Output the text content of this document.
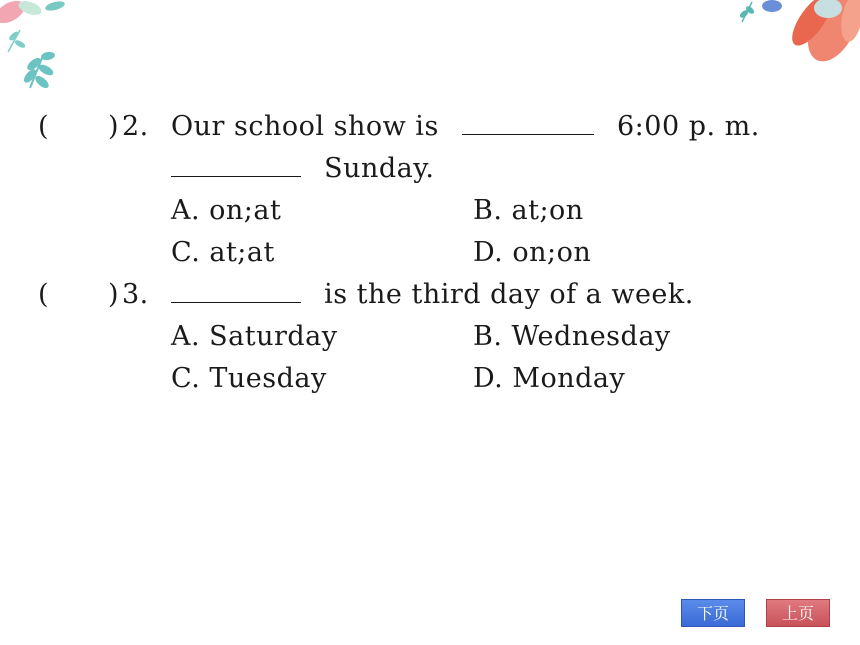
( ) 2. Our school show is	6:00 p. m.
Sunday.
A. on;at	B. at;on
C. at;at	D. on;on
( ) 3.	is the third day of a week.
A. Saturday	B. Wednesday
C. Tuesday	D. Monday
下页	上页
